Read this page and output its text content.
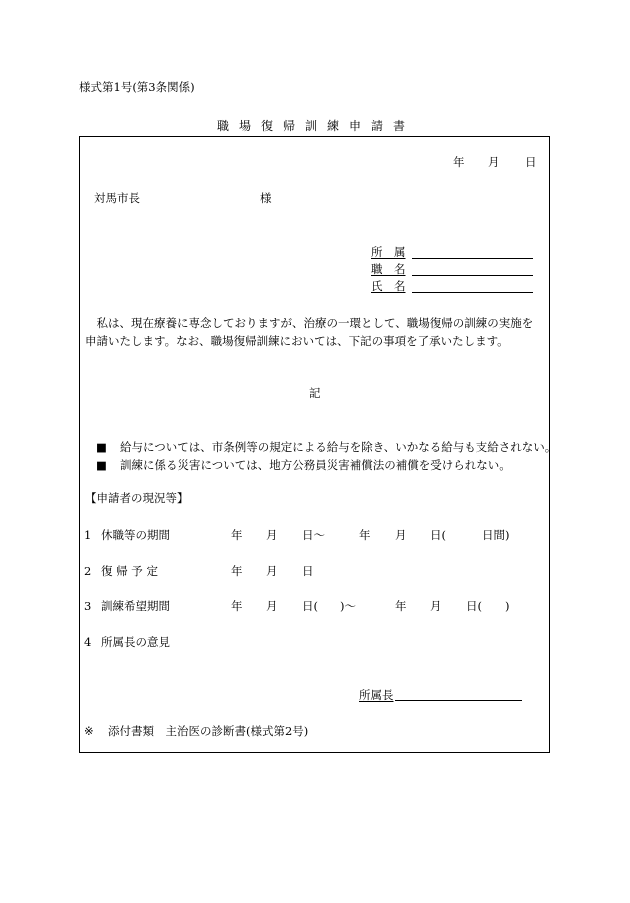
様式第1号(第3条関係)
職場復帰訓練申請書
年 月 日
対馬市長	様
所　属
職　名
氏　名
　私は、現在療養に専念しておりますが、治療の一環として、職場復帰の訓練の実施を
申請いたします。なお、職場復帰訓練においては、下記の事項を了承いたします。
記
■ 給与については、市条例等の規定による給与を除き、いかなる給与も支給されない。
■ 訓練に係る災害については、地方公務員災害補償法の補償を受けられない。
【申請者の現況等】
1 休職等の期間	年 月 日～	年 月 日(	日間)
2 復 帰 予 定	年 月 日
3 訓練希望期間	年 月 日( )～	年 月 日( )
4 所属長の意見
所属長
※ 添付書類　主治医の診断書(様式第2号)
